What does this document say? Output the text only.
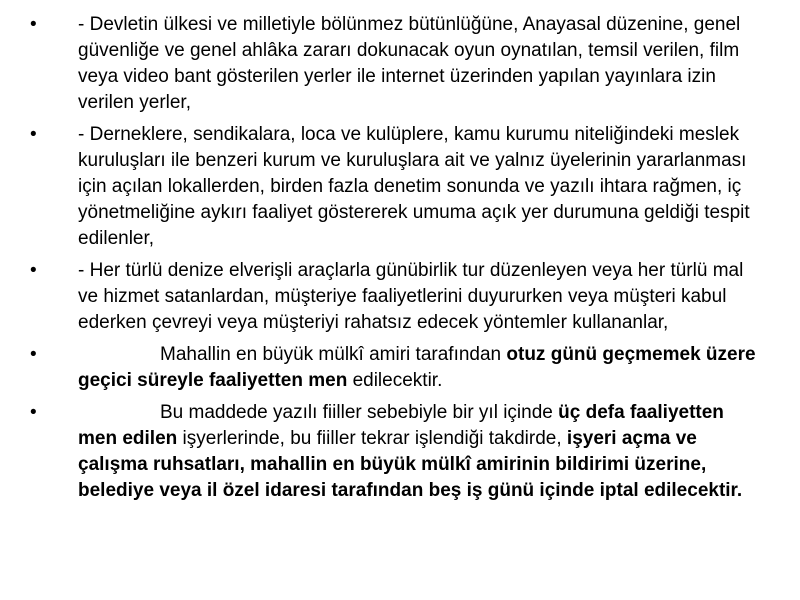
• - Devletin ülkesi ve milletiyle bölünmez bütünlüğüne, Anayasal düzenine, genel güvenliğe ve genel ahlâka zararı dokunacak oyun oynatılan, temsil verilen, film veya video bant gösterilen yerler ile internet üzerinden yapılan yayınlara izin verilen yerler,
• - Derneklere, sendikalara, loca ve kulüplere, kamu kurumu niteliğindeki meslek kuruluşları ile benzeri kurum ve kuruluşlara ait ve yalnız üyelerinin yararlanması için açılan lokallerden, birden fazla denetim sonunda ve yazılı ihtara rağmen, iç yönetmeliğine aykırı faaliyet göstererek umuma açık yer durumuna geldiği tespit edilenler,
• - Her türlü denize elverişli araçlarla günübirlik tur düzenleyen veya her türlü mal ve hizmet satanlardan, müşteriye faaliyetlerini duyururken veya müşteri kabul ederken çevreyi veya müşteriyi rahatsız edecek yöntemler kullananlar,
•	Mahallin en büyük mülkî amiri tarafından otuz günü geçmemek üzere geçici süreyle faaliyetten men edilecektir.
•	Bu maddede yazılı fiiller sebebiyle bir yıl içinde üç defa faaliyetten men edilen işyerlerinde, bu fiiller tekrar işlendiği takdirde, işyeri açma ve çalışma ruhsatları, mahallin en büyük mülkî amirinin bildirimi üzerine, belediye veya il özel idaresi tarafından beş iş günü içinde iptal edilecektir.
